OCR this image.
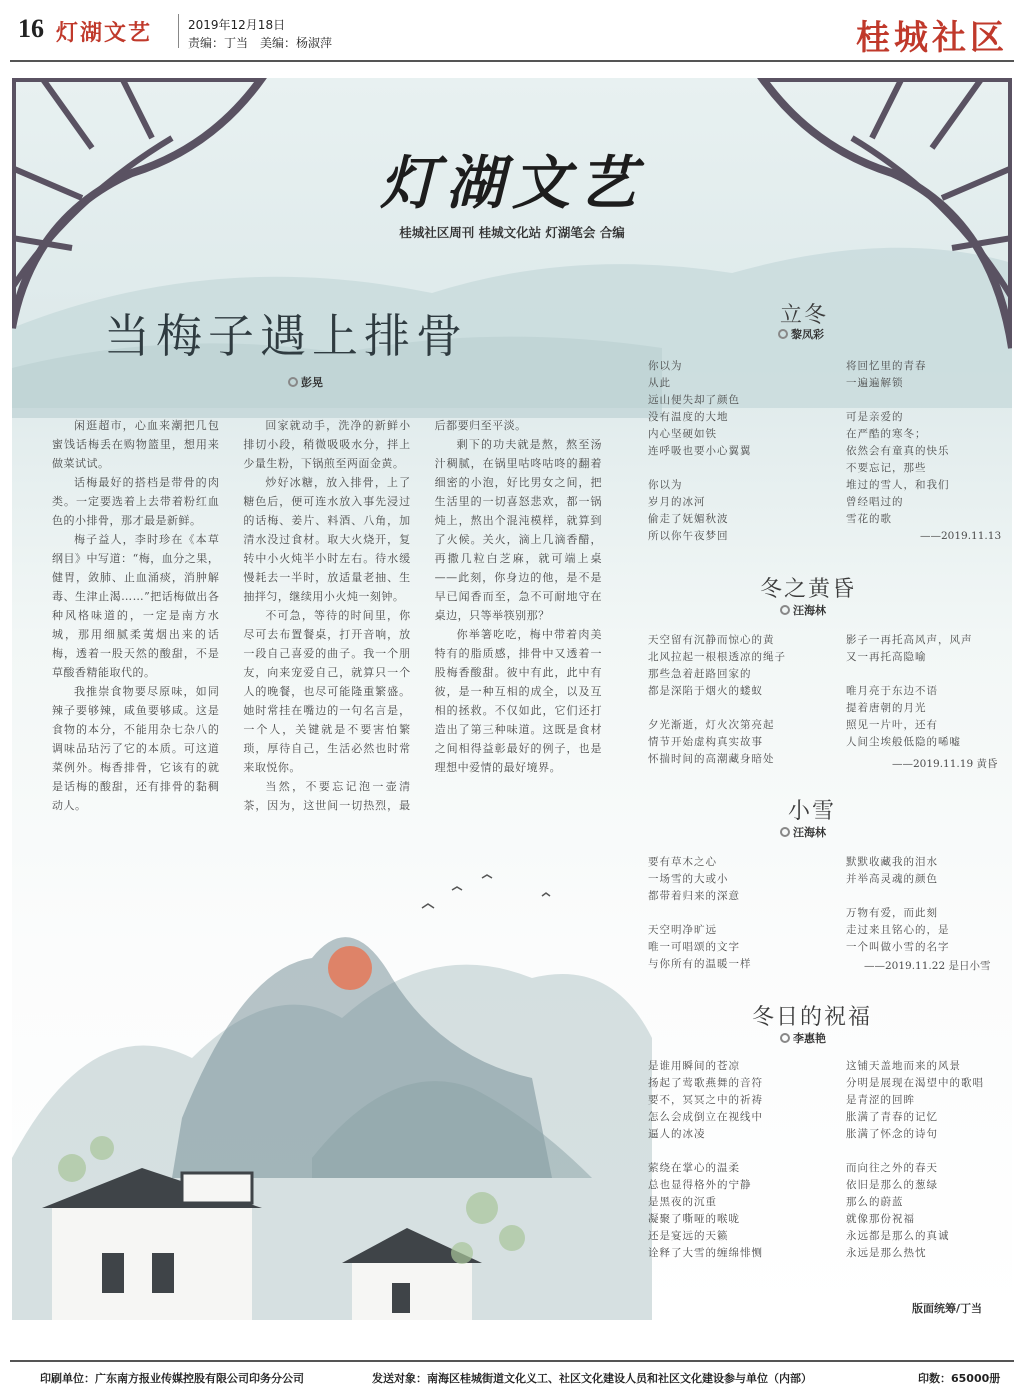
16 灯湖文艺	2019年12月18日
责编：丁当　美编：杨淑萍	桂城社区
灯湖文艺
桂城社区周刊 桂城文化站 灯湖笔会 合编
当梅子遇上排骨
彭晃

闲逛超市，心血来潮把几包蜜饯话梅丢在购物篮里，想用来做菜试试。

话梅最好的搭档是带骨的肉类。一定要选着上去带着粉红血色的小排骨，那才最是新鲜。

梅子益人，李时珍在《本草纲目》中写道：“梅，血分之果，健胃，敛肺、止血涌痰，消肿解毒、生津止渴……”把话梅做出各种风格味道的，一定是南方水城，那用细腻柔荑烟出来的话梅，透着一股天然的酸甜，不是草酸香精能取代的。

我推崇食物要尽原味，如同辣子要够辣，咸鱼要够咸。这是食物的本分，不能用杂七杂八的调味品玷污了它的本质。可这道菜例外。梅香排骨，它该有的就是话梅的酸甜，还有排骨的黏稠动人。

回家就动手，洗净的新鲜小排切小段，稍微吸吸水分，拌上少量生粉，下锅煎至两面金黄。

炒好冰糖，放入排骨，上了糖色后，便可连水放入事先浸过的话梅、姜片、料酒、八角，加清水没过食材。取大火烧开，复转中小火炖半小时左右。待水缓慢耗去一半时，放适量老抽、生抽拌匀，继续用小火炖一刻钟。

不可急，等待的时间里，你尽可去布置餐桌，打开音响，放一段自己喜爱的曲子。我一个朋友，向来宠爱自己，就算只一个人的晚餐，也尽可能隆重繁盛。她时常挂在嘴边的一句名言是，一个人，关键就是不要害怕繁琐，厚待自己，生活必然也时常来取悦你。

当然，不要忘记泡一壶清茶，因为，这世间一切热烈，最后都要归至平淡。

剩下的功夫就是熬，熬至汤汁稠腻，在锅里咕咚咕咚的翻着细密的小泡，好比男女之间，把生活里的一切喜怒悲欢，都一锅炖上，熬出个混沌模样，就算到了火候。关火，滴上几滴香醋，再撒几粒白芝麻，就可端上桌——此刻，你身边的他，是不是早已闻香而至，急不可耐地守在桌边，只等举筷别那？

你举箸吃吃，梅中带着肉美特有的脂质感，排骨中又透着一股梅香酸甜。彼中有此，此中有彼，是一种互相的成全，以及互相的拯救。不仅如此，它们还打造出了第三种味道。这既是食材之间相得益彰最好的例子，也是理想中爱情的最好境界。

立冬
黎凤彩
你以为
从此
远山便失却了颜色
没有温度的大地
内心坚硬如铁
连呼吸也要小心翼翼

你以为
岁月的冰河
偷走了妩媚秋波
所以你午夜梦回
将回忆里的青春
一遍遍解锁

可是亲爱的
在严酷的寒冬；
依然会有童真的快乐
不要忘记，那些
堆过的雪人，和我们
曾经唱过的
雪花的歌
——2019.11.13
冬之黄昏
汪海林
天空留有沉静而惊心的黄
北风拉起一根根透凉的绳子
那些急着赶路回家的
都是深陷于烟火的蝼蚁

夕光渐逝，灯火次第亮起
情节开始虚构真实故事
怀揣时间的高潮藏身暗处
影子一再托高风声，风声
又一再托高隐喻

唯月亮于东边不语
提着唐朝的月光
照见一片叶，还有
人间尘埃般低隐的唏嘘
——2019.11.19 黄昏
小雪
汪海林
要有草木之心
一场雪的大或小
都带着归来的深意

天空明净旷远
唯一可唱颂的文字
与你所有的温暖一样
默默收藏我的泪水
并举高灵魂的颜色

万物有爱，而此刻
走过来且铭心的，是
一个叫做小雪的名字
——2019.11.22 是日小雪
冬日的祝福
李惠艳
是谁用瞬间的苍凉
扬起了莺歌燕舞的音符
要不，冥冥之中的祈祷
怎么会成倒立在视线中
逼人的冰凌

萦绕在掌心的温柔
总也显得格外的宁静
是黑夜的沉重
凝聚了嘶哑的喉咙
还是宴远的天籁
诠释了大雪的缠绵悱恻
这铺天盖地而来的风景
分明是展现在渴望中的歌唱
是青涩的回眸
胀满了青春的记忆
胀满了怀念的诗句

而向往之外的春天
依旧是那么的葱绿
那么的蔚蓝
就像那份祝福
永远都是那么的真诚
永远是那么热忱
版面统筹/丁当
印刷单位：广东南方报业传媒控股有限公司印务分公司	发送对象：南海区桂城街道文化义工、社区文化建设人员和社区文化建设参与单位（内部）	印数：65000册
